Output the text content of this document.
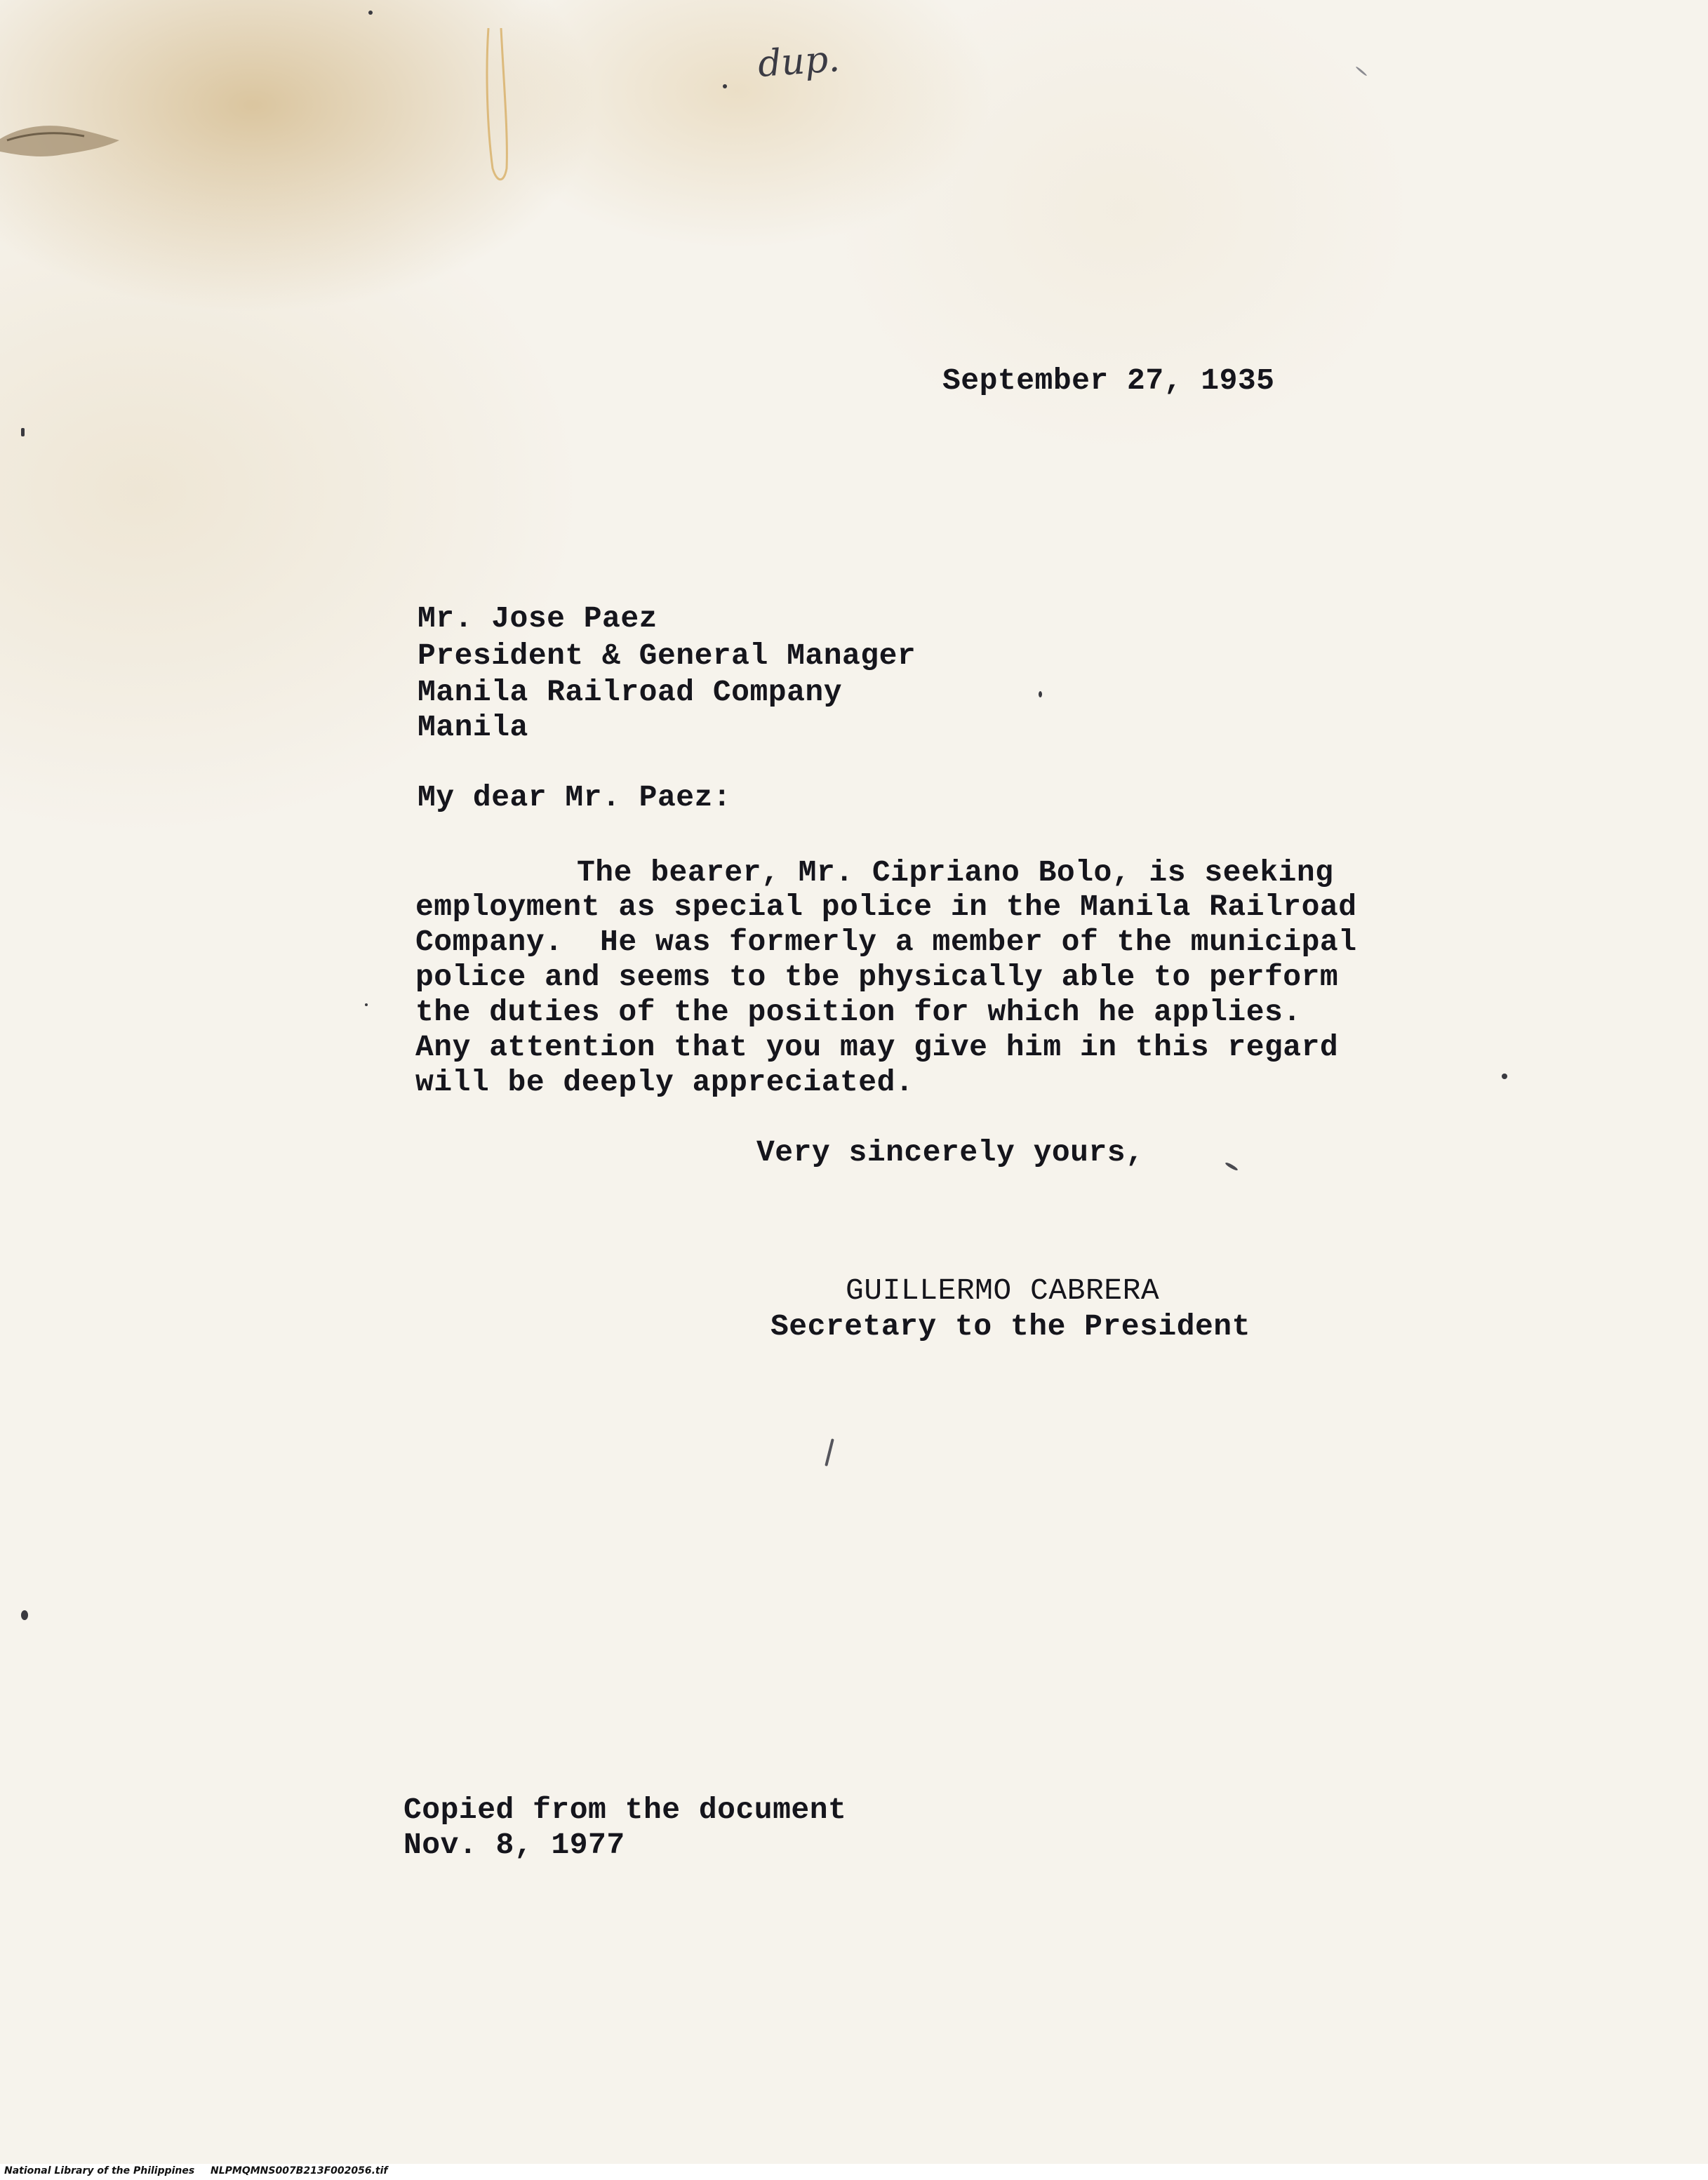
dup.
September 27, 1935
Mr. Jose Paez
President & General Manager
Manila Railroad Company
Manila
My dear Mr. Paez:
The bearer, Mr. Cipriano Bolo, is seeking
employment as special police in the Manila Railroad
Company.  He was formerly a member of the municipal
police and seems to tbe physically able to perform
the duties of the position for which he applies.
Any attention that you may give him in this regard
will be deeply appreciated.
Very sincerely yours,
GUILLERMO CABRERA
Secretary to the President
Copied from the document
Nov. 8, 1977
National Library of the Philippines NLPMQMNS007B213F002056.tif
